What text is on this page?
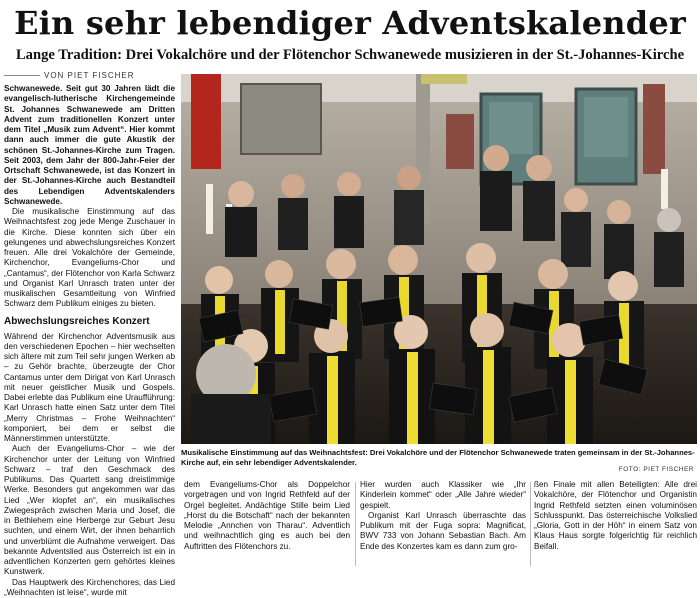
Ein sehr lebendiger Adventskalender
Lange Tradition: Drei Vokalchöre und der Flötenchor Schwanewede musizieren in der St.-Johannes-Kirche
VON PIET FISCHER

Schwanewede. Seit gut 30 Jahren lädt die evangelisch-lutherische Kirchengemeinde St. Johannes Schwanewede am Dritten Advent zum traditionellen Konzert unter dem Titel „Musik zum Advent“. Hier kommt dann auch immer die gute Akustik der schönen St.-Johannes-Kirche zum Tragen. Seit 2003, dem Jahr der 800-Jahr-Feier der Ortschaft Schwanewede, ist das Konzert in der St.-Johannes-Kirche auch Bestandteil des Lebendigen Adventskalenders Schwanewede.

Die musikalische Einstimmung auf das Weihnachtsfest zog jede Menge Zuschauer in die Kirche. Diese konnten sich über ein gelungenes und abwechslungsreiches Konzert freuen. Alle drei Vokalchöre der Gemeinde, Kirchenchor, Evangeliums-Chor und „Cantamus“, der Flötenchor von Karla Schwarz und Organist Karl Unrasch traten unter der musikalischen Gesamtleitung von Winfried Schwarz dem Publikum einiges zu bieten.

Abwechslungsreiches Konzert

Während der Kirchenchor Adventsmusik aus den verschiedenen Epochen – hier wechselten sich ältere mit zum Teil sehr jungen Werken ab – zu Gehör brachte, überzeugte der Chor Cantamus unter dem Dirigat von Karl Unrasch mit neuer geistlicher Musik und Gospels. Dabei erlebte das Publikum eine Uraufführung: Karl Unrasch hatte einen Satz unter dem Titel „Merry Christmas – Frohe Weihnachten“ komponiert, bei dem er selbst die Männerstimmen unterstützte.

Auch der Evangeliums-Chor – wie der Kirchenchor unter der Leitung von Winfried Schwarz – traf den Geschmack des Publikums. Das Quartett sang dreistimmige Werke. Besonders gut angekommen war das Lied „Wer klopfet an“, ein musikalisches Zwiegespräch zwischen Maria und Josef, die in Bethlehem eine Herberge zur Geburt Jesu suchten, und einem Wirt, der ihnen beharrlich und unverblümt die Aufnahme verweigert. Das bekannte Adventslied aus Österreich ist ein in adventlichen Konzerten gern gehörtes kleines Kunstwerk.

Das Hauptwerk des Kirchenchores, das Lied „Weihnachten ist leise“, wurde mit

Musikalische Einstimmung auf das Weihnachtsfest: Drei Vokalchöre und der Flötenchor Schwanewede traten gemeinsam in der St.-Johannes-Kirche auf, ein sehr lebendiger Adventskalender.
FOTO: PIET FISCHER

dem Evangeliums-Chor als Doppelchor vorgetragen und von Ingrid Rethfeld auf der Orgel begleitet. Andächtige Stille beim Lied „Horst du die Botschaft“ nach der bekannten Melodie „Annchen von Tharau“. Adventlich und weihnachtlich ging es auch bei den Auftritten des Flötenchors zu.

Hier wurden auch Klassiker wie „Ihr Kinderlein kommet“ oder „Alle Jahre wieder“ gespielt.

Organist Karl Unrasch überraschte das Publikum mit der Fuga sopra: Magnificat, BWV 733 von Johann Sebastian Bach. Am Ende des Konzertes kam es dann zum gro-

ßen Finale mit allen Beteiligten: Alle drei Vokalchöre, der Flötenchor und Organistin Ingrid Rethfeld setzten einen voluminösen Schlusspunkt. Das österreichische Volkslied „Gloria, Gott in der Höh“ in einem Satz von Klaus Haus sorgte folgerichtig für reichlich Beifall.
